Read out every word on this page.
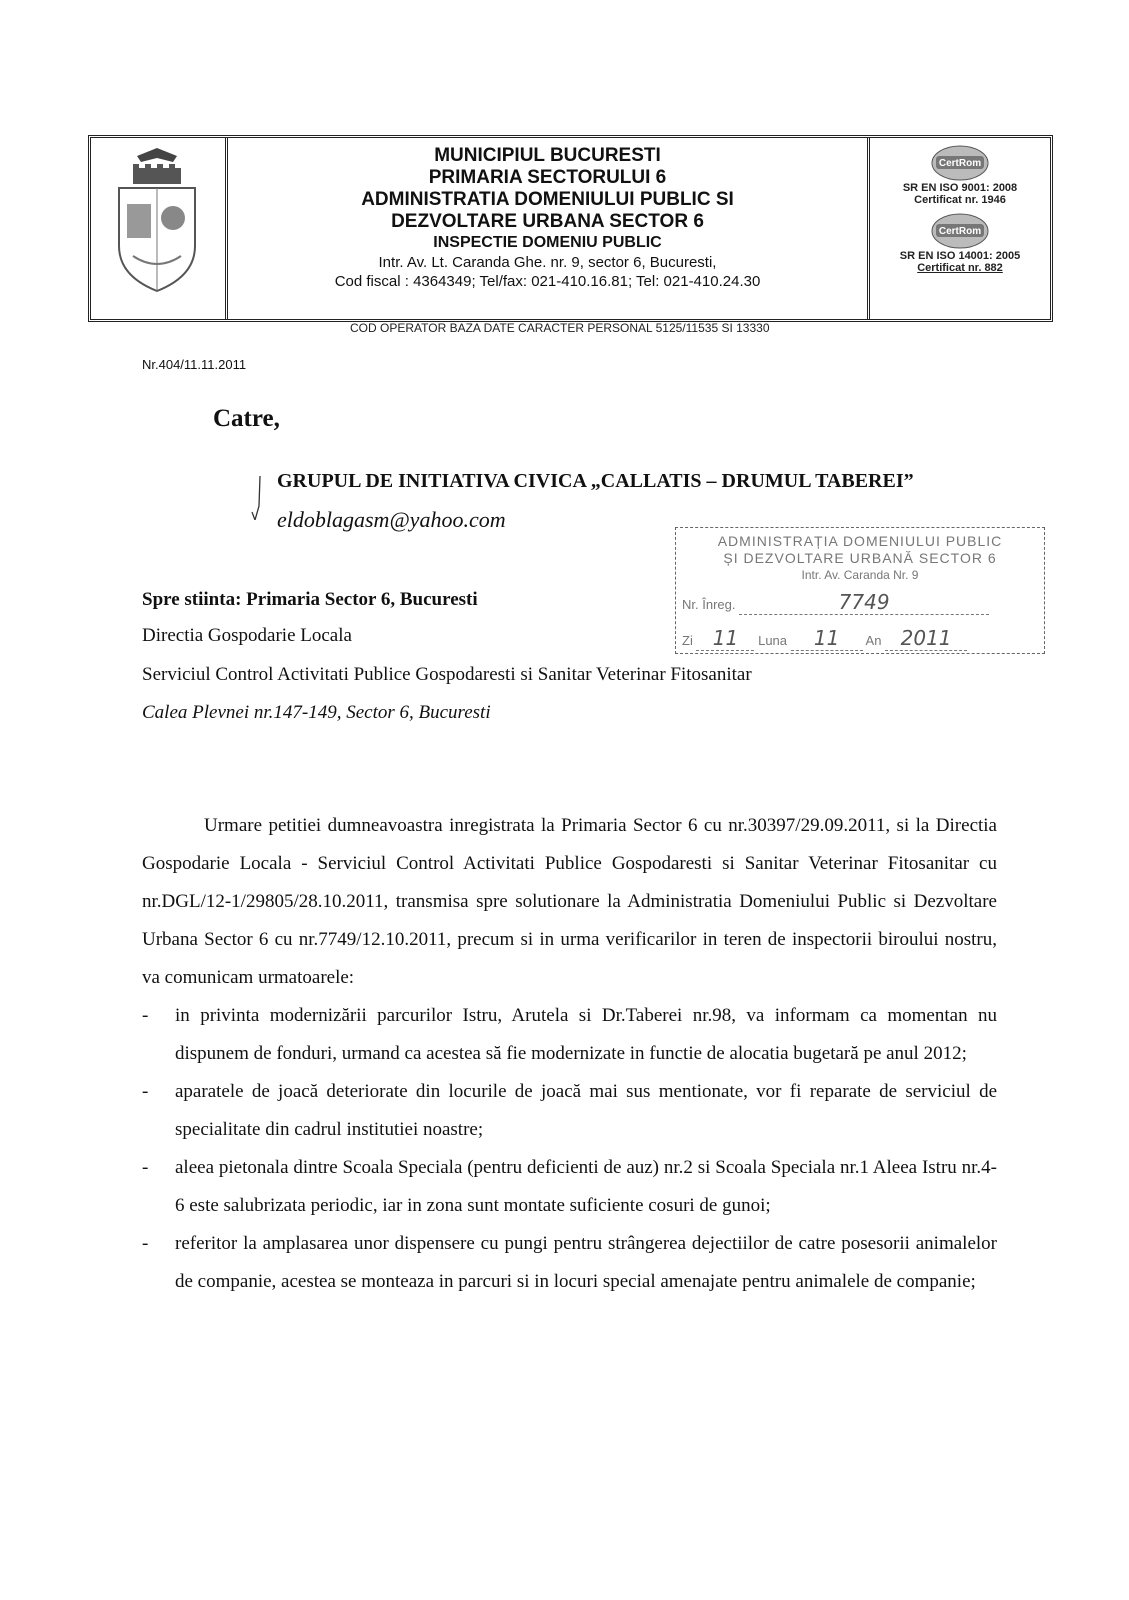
MUNICIPIUL BUCURESTI
PRIMARIA SECTORULUI 6
ADMINISTRATIA DOMENIULUI PUBLIC SI
DEZVOLTARE URBANA SECTOR 6
INSPECTIE DOMENIU PUBLIC
Intr. Av. Lt. Caranda Ghe. nr. 9, sector 6, Bucuresti,
Cod fiscal : 4364349; Tel/fax: 021-410.16.81; Tel: 021-410.24.30
CertRom
SR EN ISO 9001: 2008
Certificat nr. 1946
CertRom
SR EN ISO 14001: 2005
Certificat nr. 882
COD OPERATOR BAZA DATE CARACTER PERSONAL 5125/11535 SI 13330
Nr.404/11.11.2011
Catre,
GRUPUL DE INITIATIVA CIVICA „CALLATIS – DRUMUL TABEREI”
eldoblagasm@yahoo.com
ADMINISTRAȚIA DOMENIULUI PUBLIC
ȘI DEZVOLTARE URBANĂ SECTOR 6
Intr. Av. Caranda Nr. 9
Nr. Înreg.	7749
Zi 11 Luna 11 An 2011
Spre stiinta: Primaria Sector 6, Bucuresti
Directia Gospodarie Locala
Serviciul Control Activitati Publice Gospodaresti si Sanitar Veterinar Fitosanitar
Calea Plevnei nr.147-149, Sector 6, Bucuresti

Urmare petitiei dumneavoastra inregistrata la Primaria Sector 6 cu nr.30397/29.09.2011, si la Directia Gospodarie Locala - Serviciul Control Activitati Publice Gospodaresti si Sanitar Veterinar Fitosanitar cu nr.DGL/12-1/29805/28.10.2011, transmisa spre solutionare la Administratia Domeniului Public si Dezvoltare Urbana Sector 6 cu nr.7749/12.10.2011, precum si in urma verificarilor in teren de inspectorii biroului nostru, va comunicam urmatoarele:

- in privinta modernizării parcurilor Istru, Arutela si Dr.Taberei nr.98, va informam ca momentan nu dispunem de fonduri, urmand ca acestea să fie modernizate in functie de alocatia bugetară pe anul 2012;
- aparatele de joacă deteriorate din locurile de joacă mai sus mentionate, vor fi reparate de serviciul de specialitate din cadrul institutiei noastre;
- aleea pietonala dintre Scoala Speciala (pentru deficienti de auz) nr.2 si Scoala Speciala nr.1 Aleea Istru nr.4-6 este salubrizata periodic, iar in zona sunt montate suficiente cosuri de gunoi;
- referitor la amplasarea unor dispensere cu pungi pentru strângerea dejectiilor de catre posesorii animalelor de companie, acestea se monteaza in parcuri si in locuri special amenajate pentru animalele de companie;
